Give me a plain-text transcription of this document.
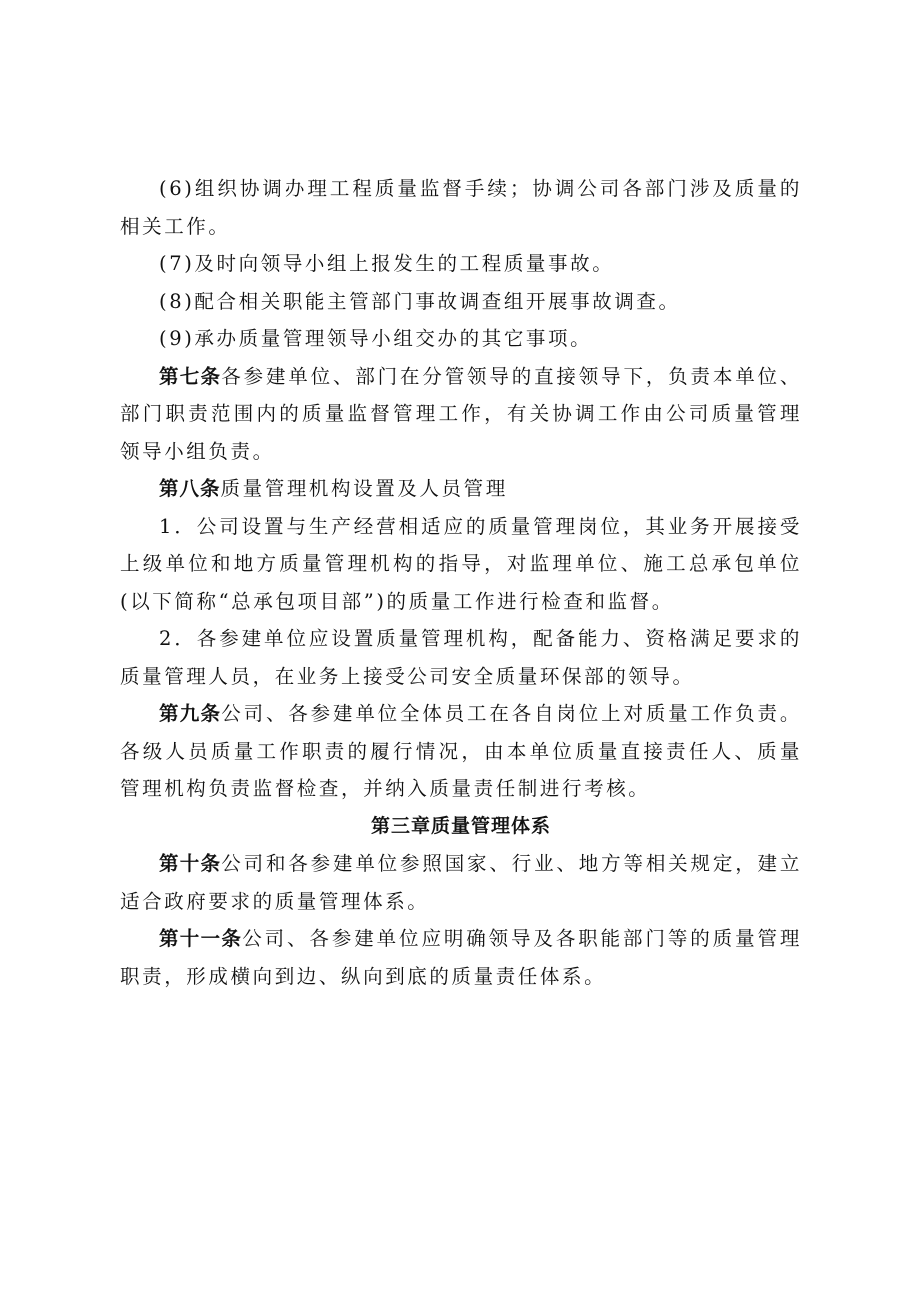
(6)组织协调办理工程质量监督手续；协调公司各部门涉及质量的相关工作。

(7)及时向领导小组上报发生的工程质量事故。

(8)配合相关职能主管部门事故调查组开展事故调查。

(9)承办质量管理领导小组交办的其它事项。

第七条各参建单位、部门在分管领导的直接领导下，负责本单位、部门职责范围内的质量监督管理工作，有关协调工作由公司质量管理领导小组负责。

第八条质量管理机构设置及人员管理

1．公司设置与生产经营相适应的质量管理岗位，其业务开展接受上级单位和地方质量管理机构的指导，对监理单位、施工总承包单位(以下简称“总承包项目部”)的质量工作进行检查和监督。

2．各参建单位应设置质量管理机构，配备能力、资格满足要求的质量管理人员，在业务上接受公司安全质量环保部的领导。

第九条公司、各参建单位全体员工在各自岗位上对质量工作负责。各级人员质量工作职责的履行情况，由本单位质量直接责任人、质量管理机构负责监督检查，并纳入质量责任制进行考核。

第三章质量管理体系

第十条公司和各参建单位参照国家、行业、地方等相关规定，建立适合政府要求的质量管理体系。

第十一条公司、各参建单位应明确领导及各职能部门等的质量管理职责，形成横向到边、纵向到底的质量责任体系。
